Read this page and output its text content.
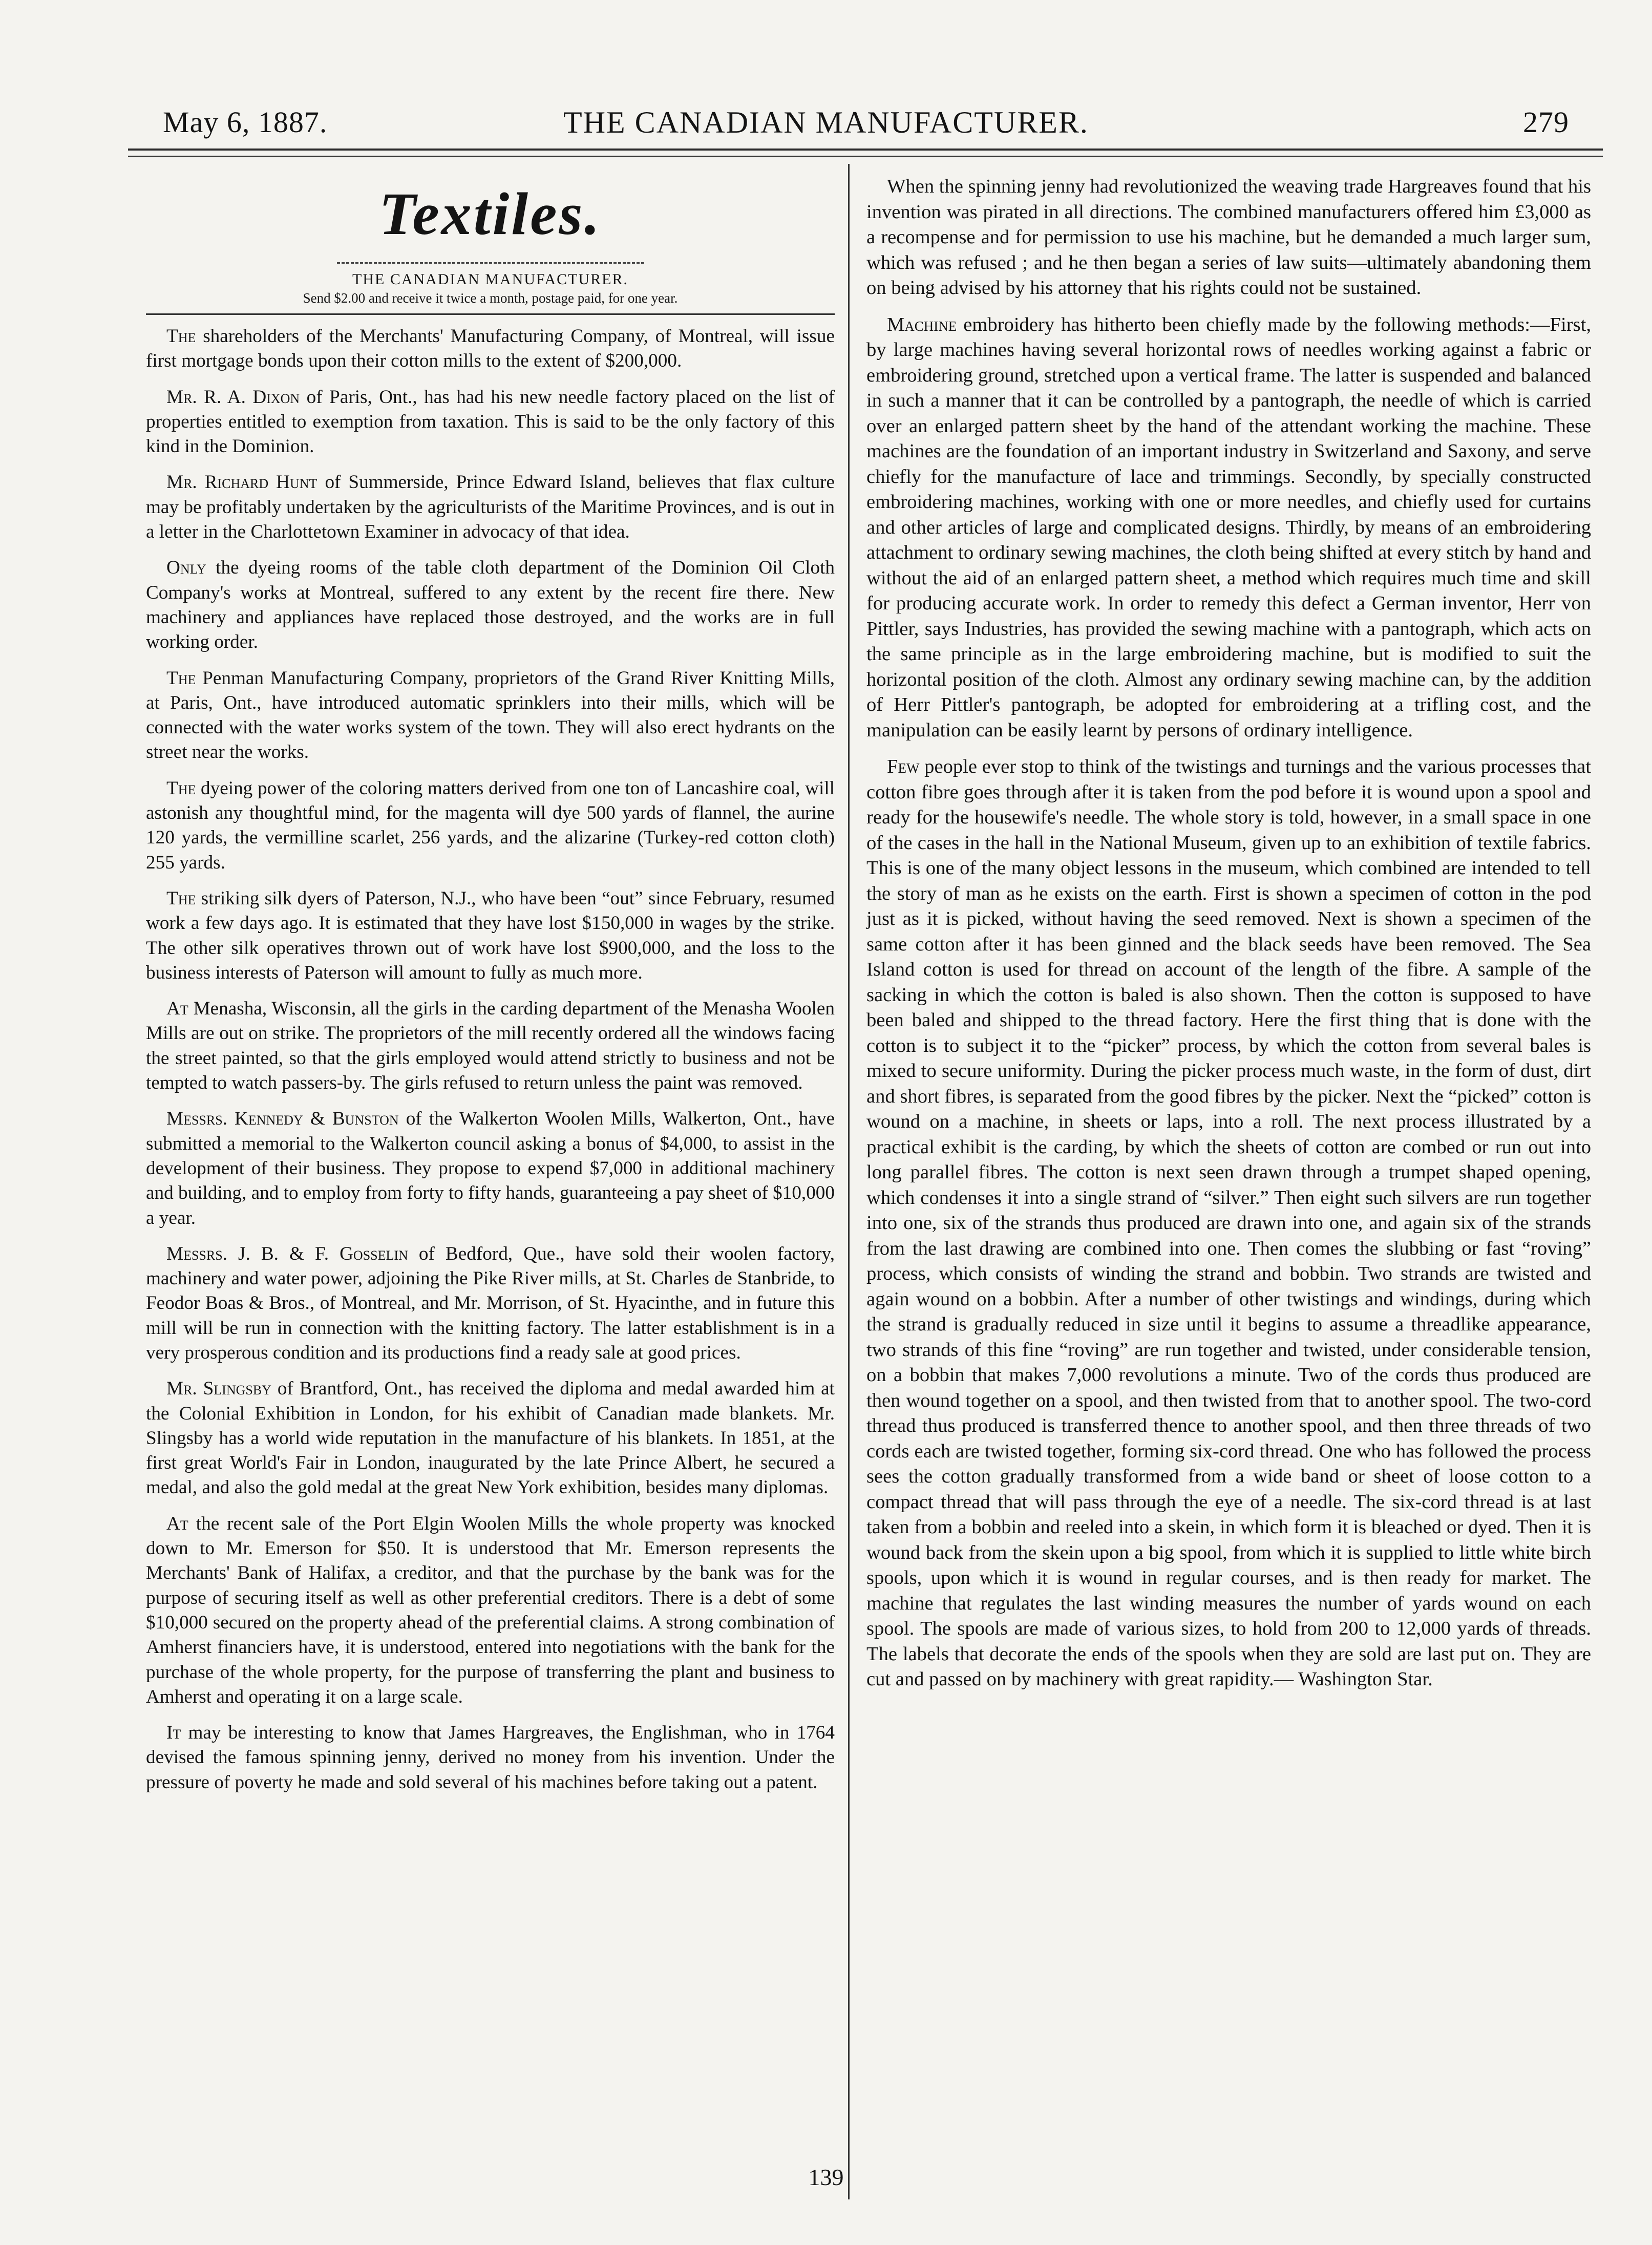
May 6, 1887.	THE CANADIAN MANUFACTURER.	279
Textiles.
THE CANADIAN MANUFACTURER.
Send $2.00 and receive it twice a month, postage paid, for one year.

The shareholders of the Merchants' Manufacturing Company, of Montreal, will issue first mortgage bonds upon their cotton mills to the extent of $200,000.

Mr. R. A. Dixon of Paris, Ont., has had his new needle factory placed on the list of properties entitled to exemption from taxation. This is said to be the only factory of this kind in the Dominion.

Mr. Richard Hunt of Summerside, Prince Edward Island, believes that flax culture may be profitably undertaken by the agriculturists of the Maritime Provinces, and is out in a letter in the Charlottetown Examiner in advocacy of that idea.

Only the dyeing rooms of the table cloth department of the Dominion Oil Cloth Company's works at Montreal, suffered to any extent by the recent fire there. New machinery and appliances have replaced those destroyed, and the works are in full working order.

The Penman Manufacturing Company, proprietors of the Grand River Knitting Mills, at Paris, Ont., have introduced automatic sprinklers into their mills, which will be connected with the water works system of the town. They will also erect hydrants on the street near the works.

The dyeing power of the coloring matters derived from one ton of Lancashire coal, will astonish any thoughtful mind, for the magenta will dye 500 yards of flannel, the aurine 120 yards, the vermilline scarlet, 256 yards, and the alizarine (Turkey-red cotton cloth) 255 yards.

The striking silk dyers of Paterson, N.J., who have been “out” since February, resumed work a few days ago. It is estimated that they have lost $150,000 in wages by the strike. The other silk operatives thrown out of work have lost $900,000, and the loss to the business interests of Paterson will amount to fully as much more.

At Menasha, Wisconsin, all the girls in the carding department of the Menasha Woolen Mills are out on strike. The proprietors of the mill recently ordered all the windows facing the street painted, so that the girls employed would attend strictly to business and not be tempted to watch passers-by. The girls refused to return unless the paint was removed.

Messrs. Kennedy & Bunston of the Walkerton Woolen Mills, Walkerton, Ont., have submitted a memorial to the Walkerton council asking a bonus of $4,000, to assist in the development of their business. They propose to expend $7,000 in additional machinery and building, and to employ from forty to fifty hands, guaranteeing a pay sheet of $10,000 a year.

Messrs. J. B. & F. Gosselin of Bedford, Que., have sold their woolen factory, machinery and water power, adjoining the Pike River mills, at St. Charles de Stanbride, to Feodor Boas & Bros., of Montreal, and Mr. Morrison, of St. Hyacinthe, and in future this mill will be run in connection with the knitting factory. The latter establishment is in a very prosperous condition and its productions find a ready sale at good prices.

Mr. Slingsby of Brantford, Ont., has received the diploma and medal awarded him at the Colonial Exhibition in London, for his exhibit of Canadian made blankets. Mr. Slingsby has a world wide reputation in the manufacture of his blankets. In 1851, at the first great World's Fair in London, inaugurated by the late Prince Albert, he secured a medal, and also the gold medal at the great New York exhibition, besides many diplomas.

At the recent sale of the Port Elgin Woolen Mills the whole property was knocked down to Mr. Emerson for $50. It is understood that Mr. Emerson represents the Merchants' Bank of Halifax, a creditor, and that the purchase by the bank was for the purpose of securing itself as well as other preferential creditors. There is a debt of some $10,000 secured on the property ahead of the preferential claims. A strong combination of Amherst financiers have, it is understood, entered into negotiations with the bank for the purchase of the whole property, for the purpose of transferring the plant and business to Amherst and operating it on a large scale.

It may be interesting to know that James Hargreaves, the Englishman, who in 1764 devised the famous spinning jenny, derived no money from his invention. Under the pressure of poverty he made and sold several of his machines before taking out a patent.

When the spinning jenny had revolutionized the weaving trade Hargreaves found that his invention was pirated in all directions. The combined manufacturers offered him £3,000 as a recompense and for permission to use his machine, but he demanded a much larger sum, which was refused ; and he then began a series of law suits—ultimately abandoning them on being advised by his attorney that his rights could not be sustained.

Machine embroidery has hitherto been chiefly made by the following methods:—First, by large machines having several horizontal rows of needles working against a fabric or embroidering ground, stretched upon a vertical frame. The latter is suspended and balanced in such a manner that it can be controlled by a pantograph, the needle of which is carried over an enlarged pattern sheet by the hand of the attendant working the machine. These machines are the foundation of an important industry in Switzerland and Saxony, and serve chiefly for the manufacture of lace and trimmings. Secondly, by specially constructed embroidering machines, working with one or more needles, and chiefly used for curtains and other articles of large and complicated designs. Thirdly, by means of an embroidering attachment to ordinary sewing machines, the cloth being shifted at every stitch by hand and without the aid of an enlarged pattern sheet, a method which requires much time and skill for producing accurate work. In order to remedy this defect a German inventor, Herr von Pittler, says Industries, has provided the sewing machine with a pantograph, which acts on the same principle as in the large embroidering machine, but is modified to suit the horizontal position of the cloth. Almost any ordinary sewing machine can, by the addition of Herr Pittler's pantograph, be adopted for embroidering at a trifling cost, and the manipulation can be easily learnt by persons of ordinary intelligence.

Few people ever stop to think of the twistings and turnings and the various processes that cotton fibre goes through after it is taken from the pod before it is wound upon a spool and ready for the housewife's needle. The whole story is told, however, in a small space in one of the cases in the hall in the National Museum, given up to an exhibition of textile fabrics. This is one of the many object lessons in the museum, which combined are intended to tell the story of man as he exists on the earth. First is shown a specimen of cotton in the pod just as it is picked, without having the seed removed. Next is shown a specimen of the same cotton after it has been ginned and the black seeds have been removed. The Sea Island cotton is used for thread on account of the length of the fibre. A sample of the sacking in which the cotton is baled is also shown. Then the cotton is supposed to have been baled and shipped to the thread factory. Here the first thing that is done with the cotton is to subject it to the “picker” process, by which the cotton from several bales is mixed to secure uniformity. During the picker process much waste, in the form of dust, dirt and short fibres, is separated from the good fibres by the picker. Next the “picked” cotton is wound on a machine, in sheets or laps, into a roll. The next process illustrated by a practical exhibit is the carding, by which the sheets of cotton are combed or run out into long parallel fibres. The cotton is next seen drawn through a trumpet shaped opening, which condenses it into a single strand of “silver.” Then eight such silvers are run together into one, six of the strands thus produced are drawn into one, and again six of the strands from the last drawing are combined into one. Then comes the slubbing or fast “roving” process, which consists of winding the strand and bobbin. Two strands are twisted and again wound on a bobbin. After a number of other twistings and windings, during which the strand is gradually reduced in size until it begins to assume a threadlike appearance, two strands of this fine “roving” are run together and twisted, under considerable tension, on a bobbin that makes 7,000 revolutions a minute. Two of the cords thus produced are then wound together on a spool, and then twisted from that to another spool. The two-cord thread thus produced is transferred thence to another spool, and then three threads of two cords each are twisted together, forming six-cord thread. One who has followed the process sees the cotton gradually transformed from a wide band or sheet of loose cotton to a compact thread that will pass through the eye of a needle. The six-cord thread is at last taken from a bobbin and reeled into a skein, in which form it is bleached or dyed. Then it is wound back from the skein upon a big spool, from which it is supplied to little white birch spools, upon which it is wound in regular courses, and is then ready for market. The machine that regulates the last winding measures the number of yards wound on each spool. The spools are made of various sizes, to hold from 200 to 12,000 yards of threads. The labels that decorate the ends of the spools when they are sold are last put on. They are cut and passed on by machinery with great rapidity.— Washington Star.

139
